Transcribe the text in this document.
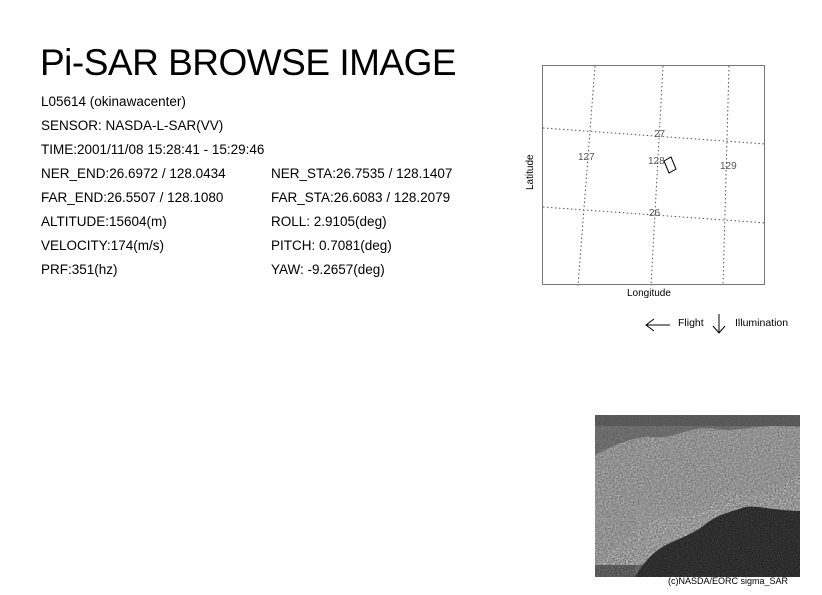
Pi-SAR BROWSE IMAGE
L05614 (okinawacenter)
SENSOR: NASDA-L-SAR(VV)
TIME:2001/11/08 15:28:41 - 15:29:46
NER_END:26.6972 / 128.0434	NER_STA:26.7535 / 128.1407
FAR_END:26.5507 / 128.1080	FAR_STA:26.6083 / 128.2079
ALTITUDE:15604(m)	ROLL: 2.9105(deg)
VELOCITY:174(m/s)	PITCH: 0.7081(deg)
PRF:351(hz)	YAW: -9.2657(deg)
127	128	129
27
26
Longitude
Latitude
Flight	Illumination
(c)NASDA/EORC sigma_SAR
